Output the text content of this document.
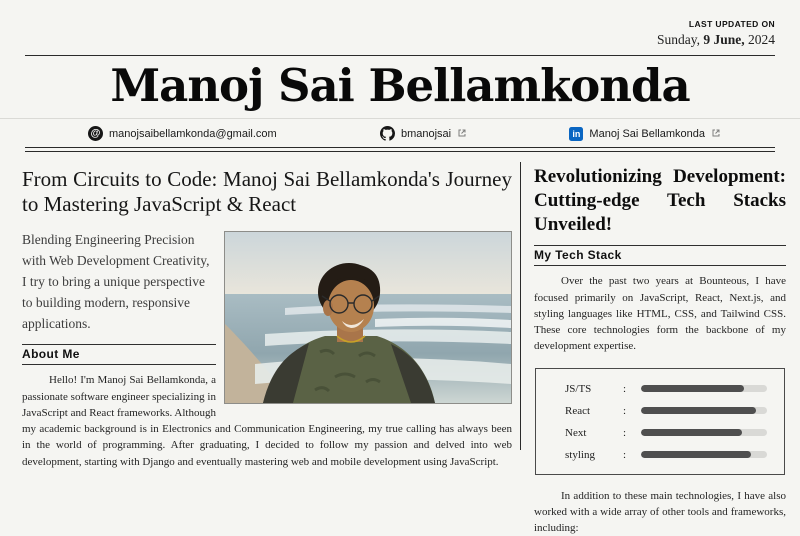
LAST UPDATED ON
Sunday, 9 June, 2024
Manoj Sai Bellamkonda
@ manojsaibellamkonda@gmail.com	bmanojsai	in Manoj Sai Bellamkonda
From Circuits to Code: Manoj Sai Bellamkonda's Journey to Mastering JavaScript & React

Blending Engineering Precision with Web Development Creativity, I try to bring a unique perspective to building modern, responsive applications.

About Me

Hello! I'm Manoj Sai Bellamkonda, a passionate software engineer specializing in JavaScript and React frameworks. Although my academic background is in Electronics and Communication Engineering, my true calling has always been in the world of programming. After graduating, I decided to follow my passion and delved into web development, starting with Django and eventually mastering web and mobile development using JavaScript.

Revolutionizing Development: Cutting-edge Tech Stacks Unveiled!
My Tech Stack

Over the past two years at Bounteous, I have focused primarily on JavaScript, React, Next.js, and styling languages like HTML, CSS, and Tailwind CSS. These core technologies form the backbone of my development expertise.

JS/TS	:
React	:
Next	:
styling	:

In addition to these main technologies, I have also worked with a wide array of other tools and frameworks, including:
